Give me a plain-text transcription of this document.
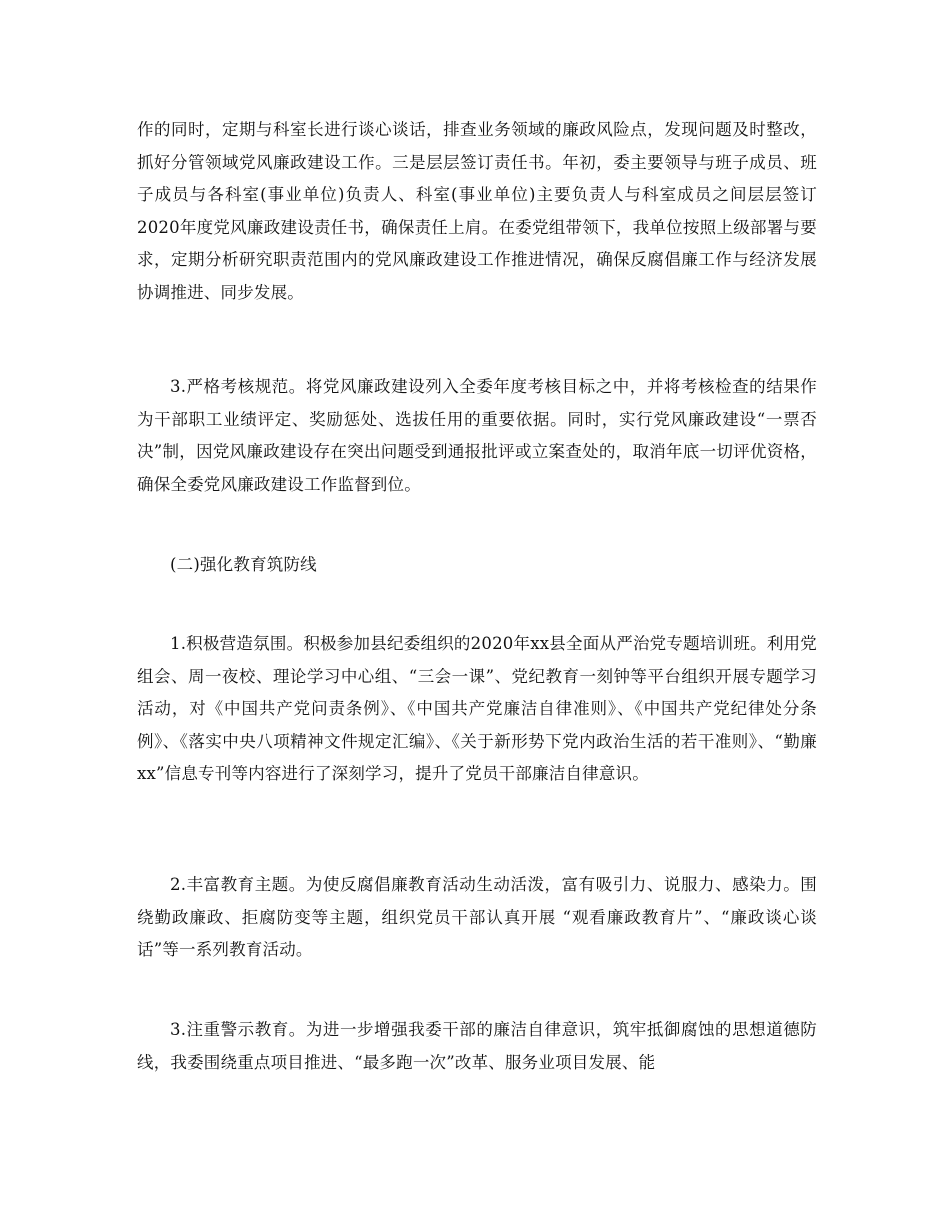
作的同时，定期与科室长进行谈心谈话，排查业务领域的廉政风险点，发现问题及时整改，抓好分管领域党风廉政建设工作。三是层层签订责任书。年初，委主要领导与班子成员、班子成员与各科室(事业单位)负责人、科室(事业单位)主要负责人与科室成员之间层层签订2020年度党风廉政建设责任书，确保责任上肩。在委党组带领下，我单位按照上级部署与要求，定期分析研究职责范围内的党风廉政建设工作推进情况，确保反腐倡廉工作与经济发展协调推进、同步发展。

3.严格考核规范。将党风廉政建设列入全委年度考核目标之中，并将考核检查的结果作为干部职工业绩评定、奖励惩处、选拔任用的重要依据。同时，实行党风廉政建设“一票否决”制，因党风廉政建设存在突出问题受到通报批评或立案查处的，取消年底一切评优资格，确保全委党风廉政建设工作监督到位。

(二)强化教育筑防线

1.积极营造氛围。积极参加县纪委组织的2020年xx县全面从严治党专题培训班。利用党组会、周一夜校、理论学习中心组、“三会一课”、党纪教育一刻钟等平台组织开展专题学习活动，对《中国共产党问责条例》、《中国共产党廉洁自律准则》、《中国共产党纪律处分条例》、《落实中央八项精神文件规定汇编》、《关于新形势下党内政治生活的若干准则》、“勤廉xx”信息专刊等内容进行了深刻学习，提升了党员干部廉洁自律意识。

2.丰富教育主题。为使反腐倡廉教育活动生动活泼，富有吸引力、说服力、感染力。围绕勤政廉政、拒腐防变等主题，组织党员干部认真开展 “观看廉政教育片”、“廉政谈心谈话”等一系列教育活动。

3.注重警示教育。为进一步增强我委干部的廉洁自律意识，筑牢抵御腐蚀的思想道德防线，我委围绕重点项目推进、“最多跑一次”改革、服务业项目发展、能
